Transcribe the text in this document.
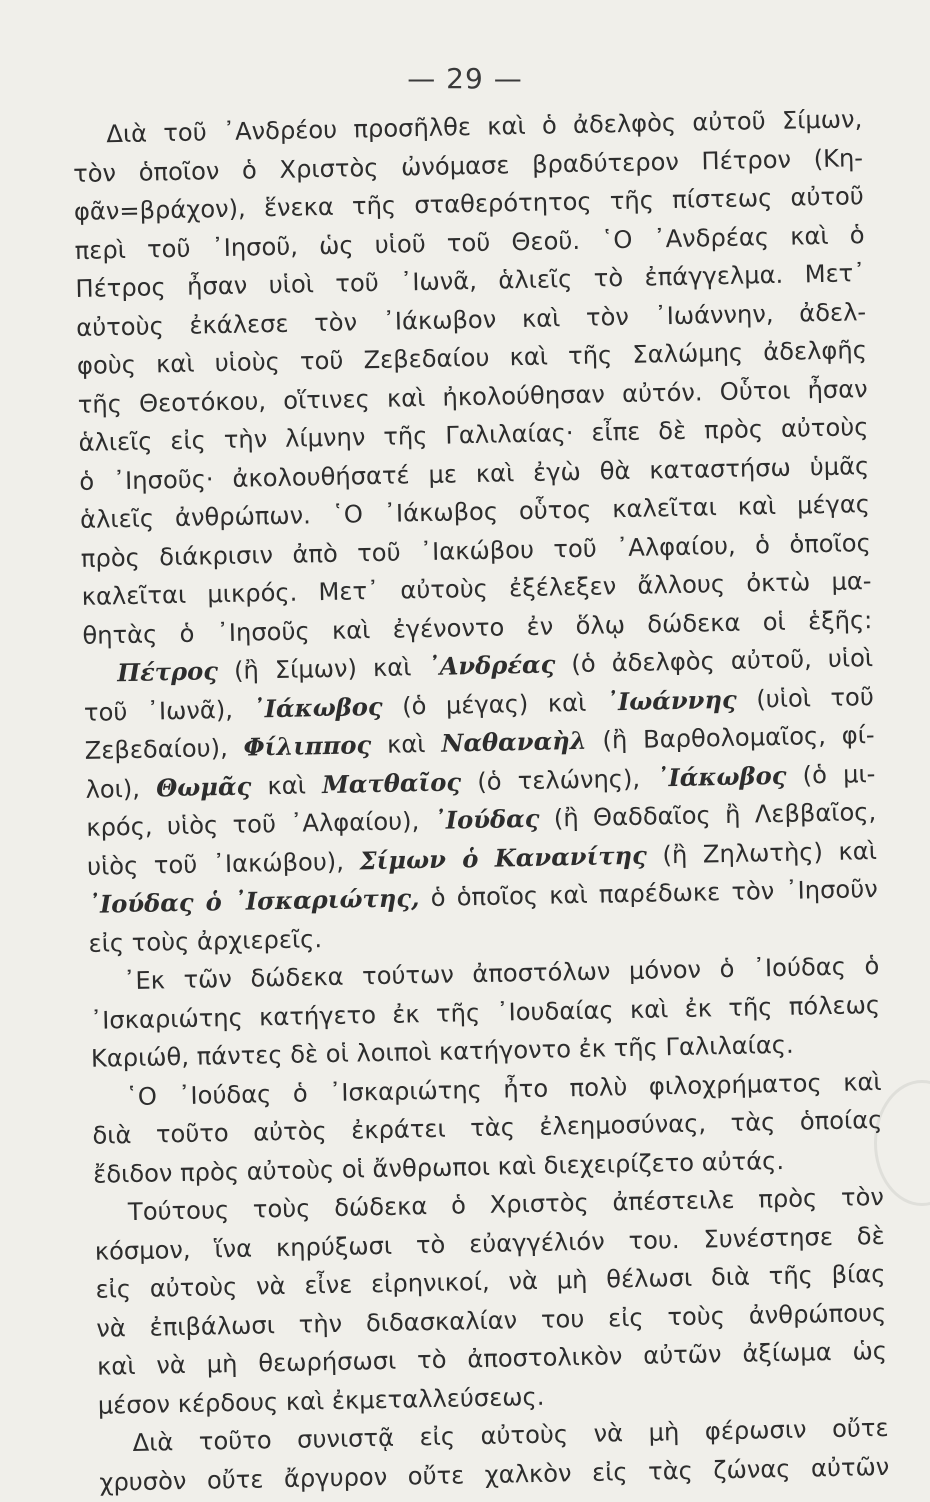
— 29 —
Διὰ τοῦ ᾿Ανδρέου προσῆλθε καὶ ὁ ἀδελφὸς αὐτοῦ Σίμων,
τὸν ὁποῖον ὁ Χριστὸς ὠνόμασε βραδύτερον Πέτρον (Κη-
φᾶν=βράχον), ἕνεκα τῆς σταθερότητος τῆς πίστεως αὐτοῦ
περὶ τοῦ ᾿Ιησοῦ, ὡς υἱοῦ τοῦ Θεοῦ. ῾Ο ᾿Ανδρέας καὶ ὁ
Πέτρος ἦσαν υἱοὶ τοῦ ᾿Ιωνᾶ, ἁλιεῖς τὸ ἐπάγγελμα. Μετ᾿
αὐτοὺς ἐκάλεσε τὸν ᾿Ιάκωβον καὶ τὸν ᾿Ιωάννην, ἀδελ-
φοὺς καὶ υἱοὺς τοῦ Ζεβεδαίου καὶ τῆς Σαλώμης ἀδελφῆς
τῆς Θεοτόκου, οἵτινες καὶ ἠκολούθησαν αὐτόν. Οὗτοι ἦσαν
ἁλιεῖς εἰς τὴν λίμνην τῆς Γαλιλαίας· εἶπε δὲ πρὸς αὐτοὺς
ὁ ᾿Ιησοῦς· ἀκολουθήσατέ με καὶ ἐγὼ θὰ καταστήσω ὑμᾶς
ἁλιεῖς ἀνθρώπων. ῾Ο ᾿Ιάκωβος οὗτος καλεῖται καὶ μέγας
πρὸς διάκρισιν ἀπὸ τοῦ ᾿Ιακώβου τοῦ ᾿Αλφαίου, ὁ ὁποῖος
καλεῖται μικρός. Μετ᾿ αὐτοὺς ἐξέλεξεν ἄλλους ὀκτὼ μα-
θητὰς ὁ ᾿Ιησοῦς καὶ ἐγένοντο ἐν ὅλῳ δώδεκα οἱ ἑξῆς:
Πέτρος (ἢ Σίμων) καὶ ᾿Ανδρέας (ὁ ἀδελφὸς αὐτοῦ, υἱοὶ
τοῦ ᾿Ιωνᾶ), ᾿Ιάκωβος (ὁ μέγας) καὶ ᾿Ιωάννης (υἱοὶ τοῦ
Ζεβεδαίου), Φίλιππος καὶ Ναθαναὴλ (ἢ Βαρθολομαῖος, φί-
λοι), Θωμᾶς καὶ Ματθαῖος (ὁ τελώνης), ᾿Ιάκωβος (ὁ μι-
κρός, υἱὸς τοῦ ᾿Αλφαίου), ᾿Ιούδας (ἢ Θαδδαῖος ἢ Λεββαῖος,
υἱὸς τοῦ ᾿Ιακώβου), Σίμων ὁ Κανανίτης (ἢ Ζηλωτὴς) καὶ
᾿Ιούδας ὁ ᾿Ισκαριώτης, ὁ ὁποῖος καὶ παρέδωκε τὸν ᾿Ιησοῦν
εἰς τοὺς ἀρχιερεῖς.
᾿Εκ τῶν δώδεκα τούτων ἀποστόλων μόνον ὁ ᾿Ιούδας ὁ
᾿Ισκαριώτης κατήγετο ἐκ τῆς ᾿Ιουδαίας καὶ ἐκ τῆς πόλεως
Καριώθ, πάντες δὲ οἱ λοιποὶ κατήγοντο ἐκ τῆς Γαλιλαίας.
῾Ο ᾿Ιούδας ὁ ᾿Ισκαριώτης ἦτο πολὺ φιλοχρήματος καὶ
διὰ τοῦτο αὐτὸς ἐκράτει τὰς ἐλεημοσύνας, τὰς ὁποίας
ἔδιδον πρὸς αὐτοὺς οἱ ἄνθρωποι καὶ διεχειρίζετο αὐτάς.
Τούτους τοὺς δώδεκα ὁ Χριστὸς ἀπέστειλε πρὸς τὸν
κόσμον, ἵνα κηρύξωσι τὸ εὐαγγέλιόν του. Συνέστησε δὲ
εἰς αὐτοὺς νὰ εἶνε εἰρηνικοί, νὰ μὴ θέλωσι διὰ τῆς βίας
νὰ ἐπιβάλωσι τὴν διδασκαλίαν του εἰς τοὺς ἀνθρώπους
καὶ νὰ μὴ θεωρήσωσι τὸ ἀποστολικὸν αὐτῶν ἀξίωμα ὡς
μέσον κέρδους καὶ ἐκμεταλλεύσεως.
Διὰ τοῦτο συνιστᾷ εἰς αὐτοὺς νὰ μὴ φέρωσιν οὔτε
χρυσὸν οὔτε ἄργυρον οὔτε χαλκὸν εἰς τὰς ζώνας αὐτῶν
